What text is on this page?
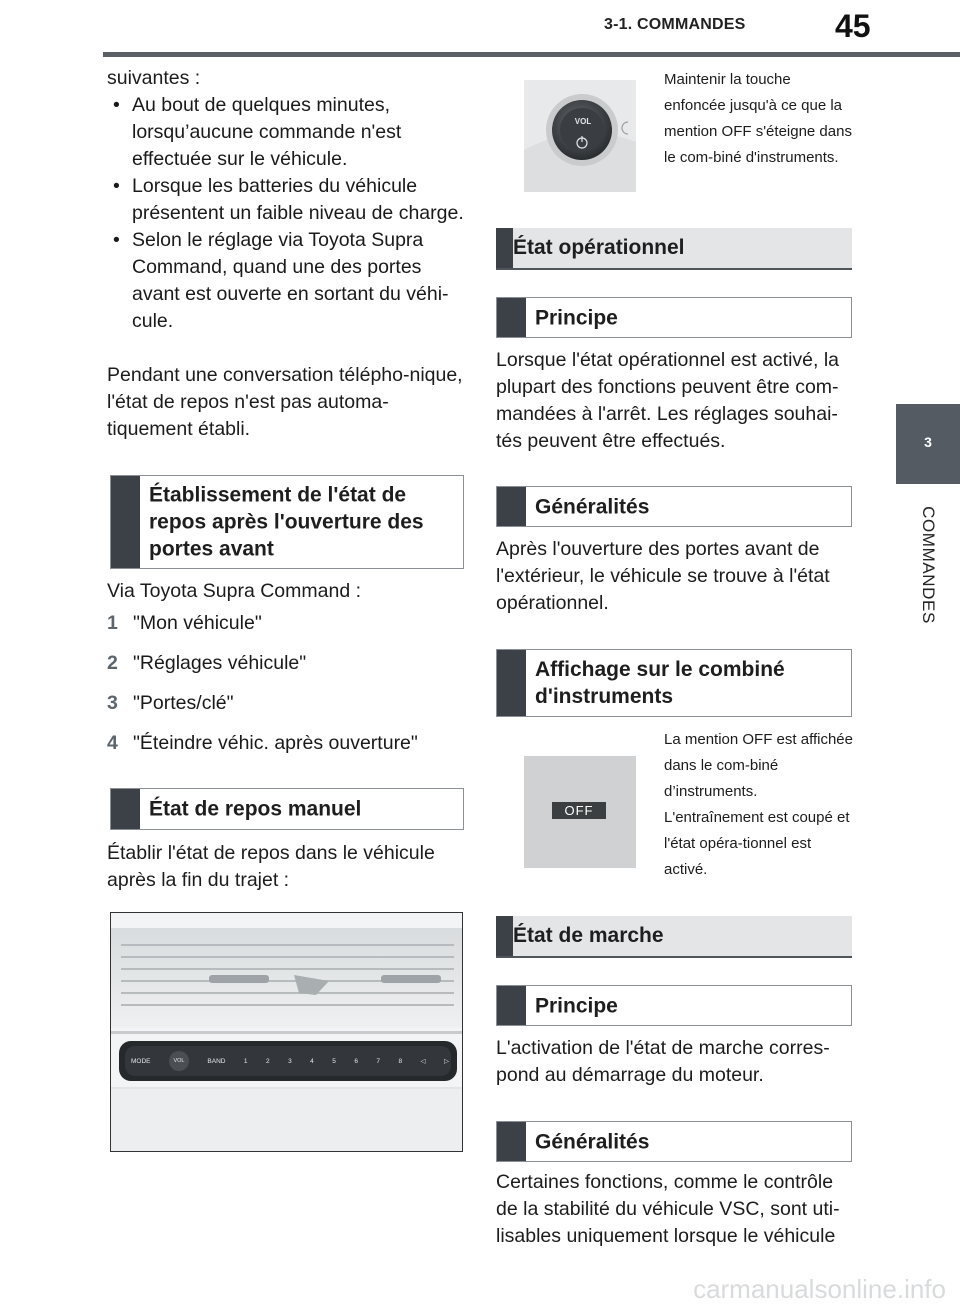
3-1. COMMANDES	45
3
COMMANDES
suivantes :
• Au bout de quelques minutes, lorsqu’aucune commande n'est effectuée sur le véhicule.
• Lorsque les batteries du véhicule présentent un faible niveau de charge.
• Selon le réglage via Toyota Supra Command, quand une des portes avant est ouverte en sortant du véhi-cule.
Pendant une conversation télépho-nique, l'état de repos n'est pas automa-tiquement établi.
Établissement de l'état de repos après l'ouverture des portes avant
Via Toyota Supra Command :
1 "Mon véhicule"
2 "Réglages véhicule"
3 "Portes/clé"
4 "Éteindre véhic. après ouverture"
État de repos manuel
Établir l'état de repos dans le véhicule après la fin du trajet :
MODE	VOL	BAND	1	2	3	4	5	6	7	8	◁	▷
VOL
Maintenir la touche enfoncée jusqu'à ce que la mention OFF s'éteigne dans le com-biné d'instruments.
État opérationnel
Principe
Lorsque l'état opérationnel est activé, la plupart des fonctions peuvent être com-mandées à l'arrêt. Les réglages souhai-tés peuvent être effectués.
Généralités
Après l'ouverture des portes avant de l'extérieur, le véhicule se trouve à l'état opérationnel.
Affichage sur le combiné d'instruments
OFF
La mention OFF est affichée dans le com-biné d’instruments. L'entraînement est coupé et l'état opéra-tionnel est activé.
État de marche
Principe
L'activation de l'état de marche corres-pond au démarrage du moteur.
Généralités
Certaines fonctions, comme le contrôle de la stabilité du véhicule VSC, sont uti-lisables uniquement lorsque le véhicule
carmanualsonline.info
